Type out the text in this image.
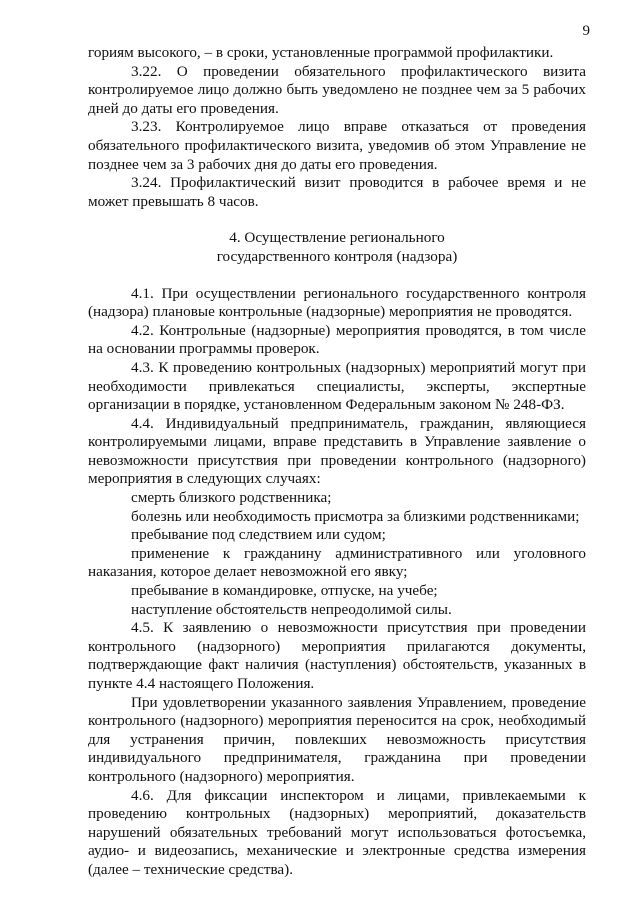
9

гориям высокого, – в сроки, установленные программой профилактики.

3.22. О проведении обязательного профилактического визита контролируемое лицо должно быть уведомлено не позднее чем за 5 рабочих дней до даты его проведения.

3.23. Контролируемое лицо вправе отказаться от проведения обязательного профилактического визита, уведомив об этом Управление не позднее чем за 3 рабочих дня до даты его проведения.

3.24. Профилактический визит проводится в рабочее время и не может превышать 8 часов.

4. Осуществление регионального
государственного контроля (надзора)

4.1. При осуществлении регионального государственного контроля (надзора) плановые контрольные (надзорные) мероприятия не проводятся.

4.2. Контрольные (надзорные) мероприятия проводятся, в том числе на основании программы проверок.

4.3. К проведению контрольных (надзорных) мероприятий могут при необходимости привлекаться специалисты, эксперты, экспертные организации в порядке, установленном Федеральным законом № 248-ФЗ.

4.4. Индивидуальный предприниматель, гражданин, являющиеся контролируемыми лицами, вправе представить в Управление заявление о невозможности присутствия при проведении контрольного (надзорного) мероприятия в следующих случаях:

смерть близкого родственника;

болезнь или необходимость присмотра за близкими родственниками;

пребывание под следствием или судом;

применение к гражданину административного или уголовного наказания, которое делает невозможной его явку;

пребывание в командировке, отпуске, на учебе;

наступление обстоятельств непреодолимой силы.

4.5. К заявлению о невозможности присутствия при проведении контрольного (надзорного) мероприятия прилагаются документы, подтверждающие факт наличия (наступления) обстоятельств, указанных в пункте 4.4 настоящего Положения.

При удовлетворении указанного заявления Управлением, проведение контрольного (надзорного) мероприятия переносится на срок, необходимый для устранения причин, повлекших невозможность присутствия индивидуального предпринимателя, гражданина при проведении контрольного (надзорного) мероприятия.

4.6. Для фиксации инспектором и лицами, привлекаемыми к проведению контрольных (надзорных) мероприятий, доказательств нарушений обязательных требований могут использоваться фотосъемка, аудио- и видеозапись, механические и электронные средства измерения (далее – технические средства).
